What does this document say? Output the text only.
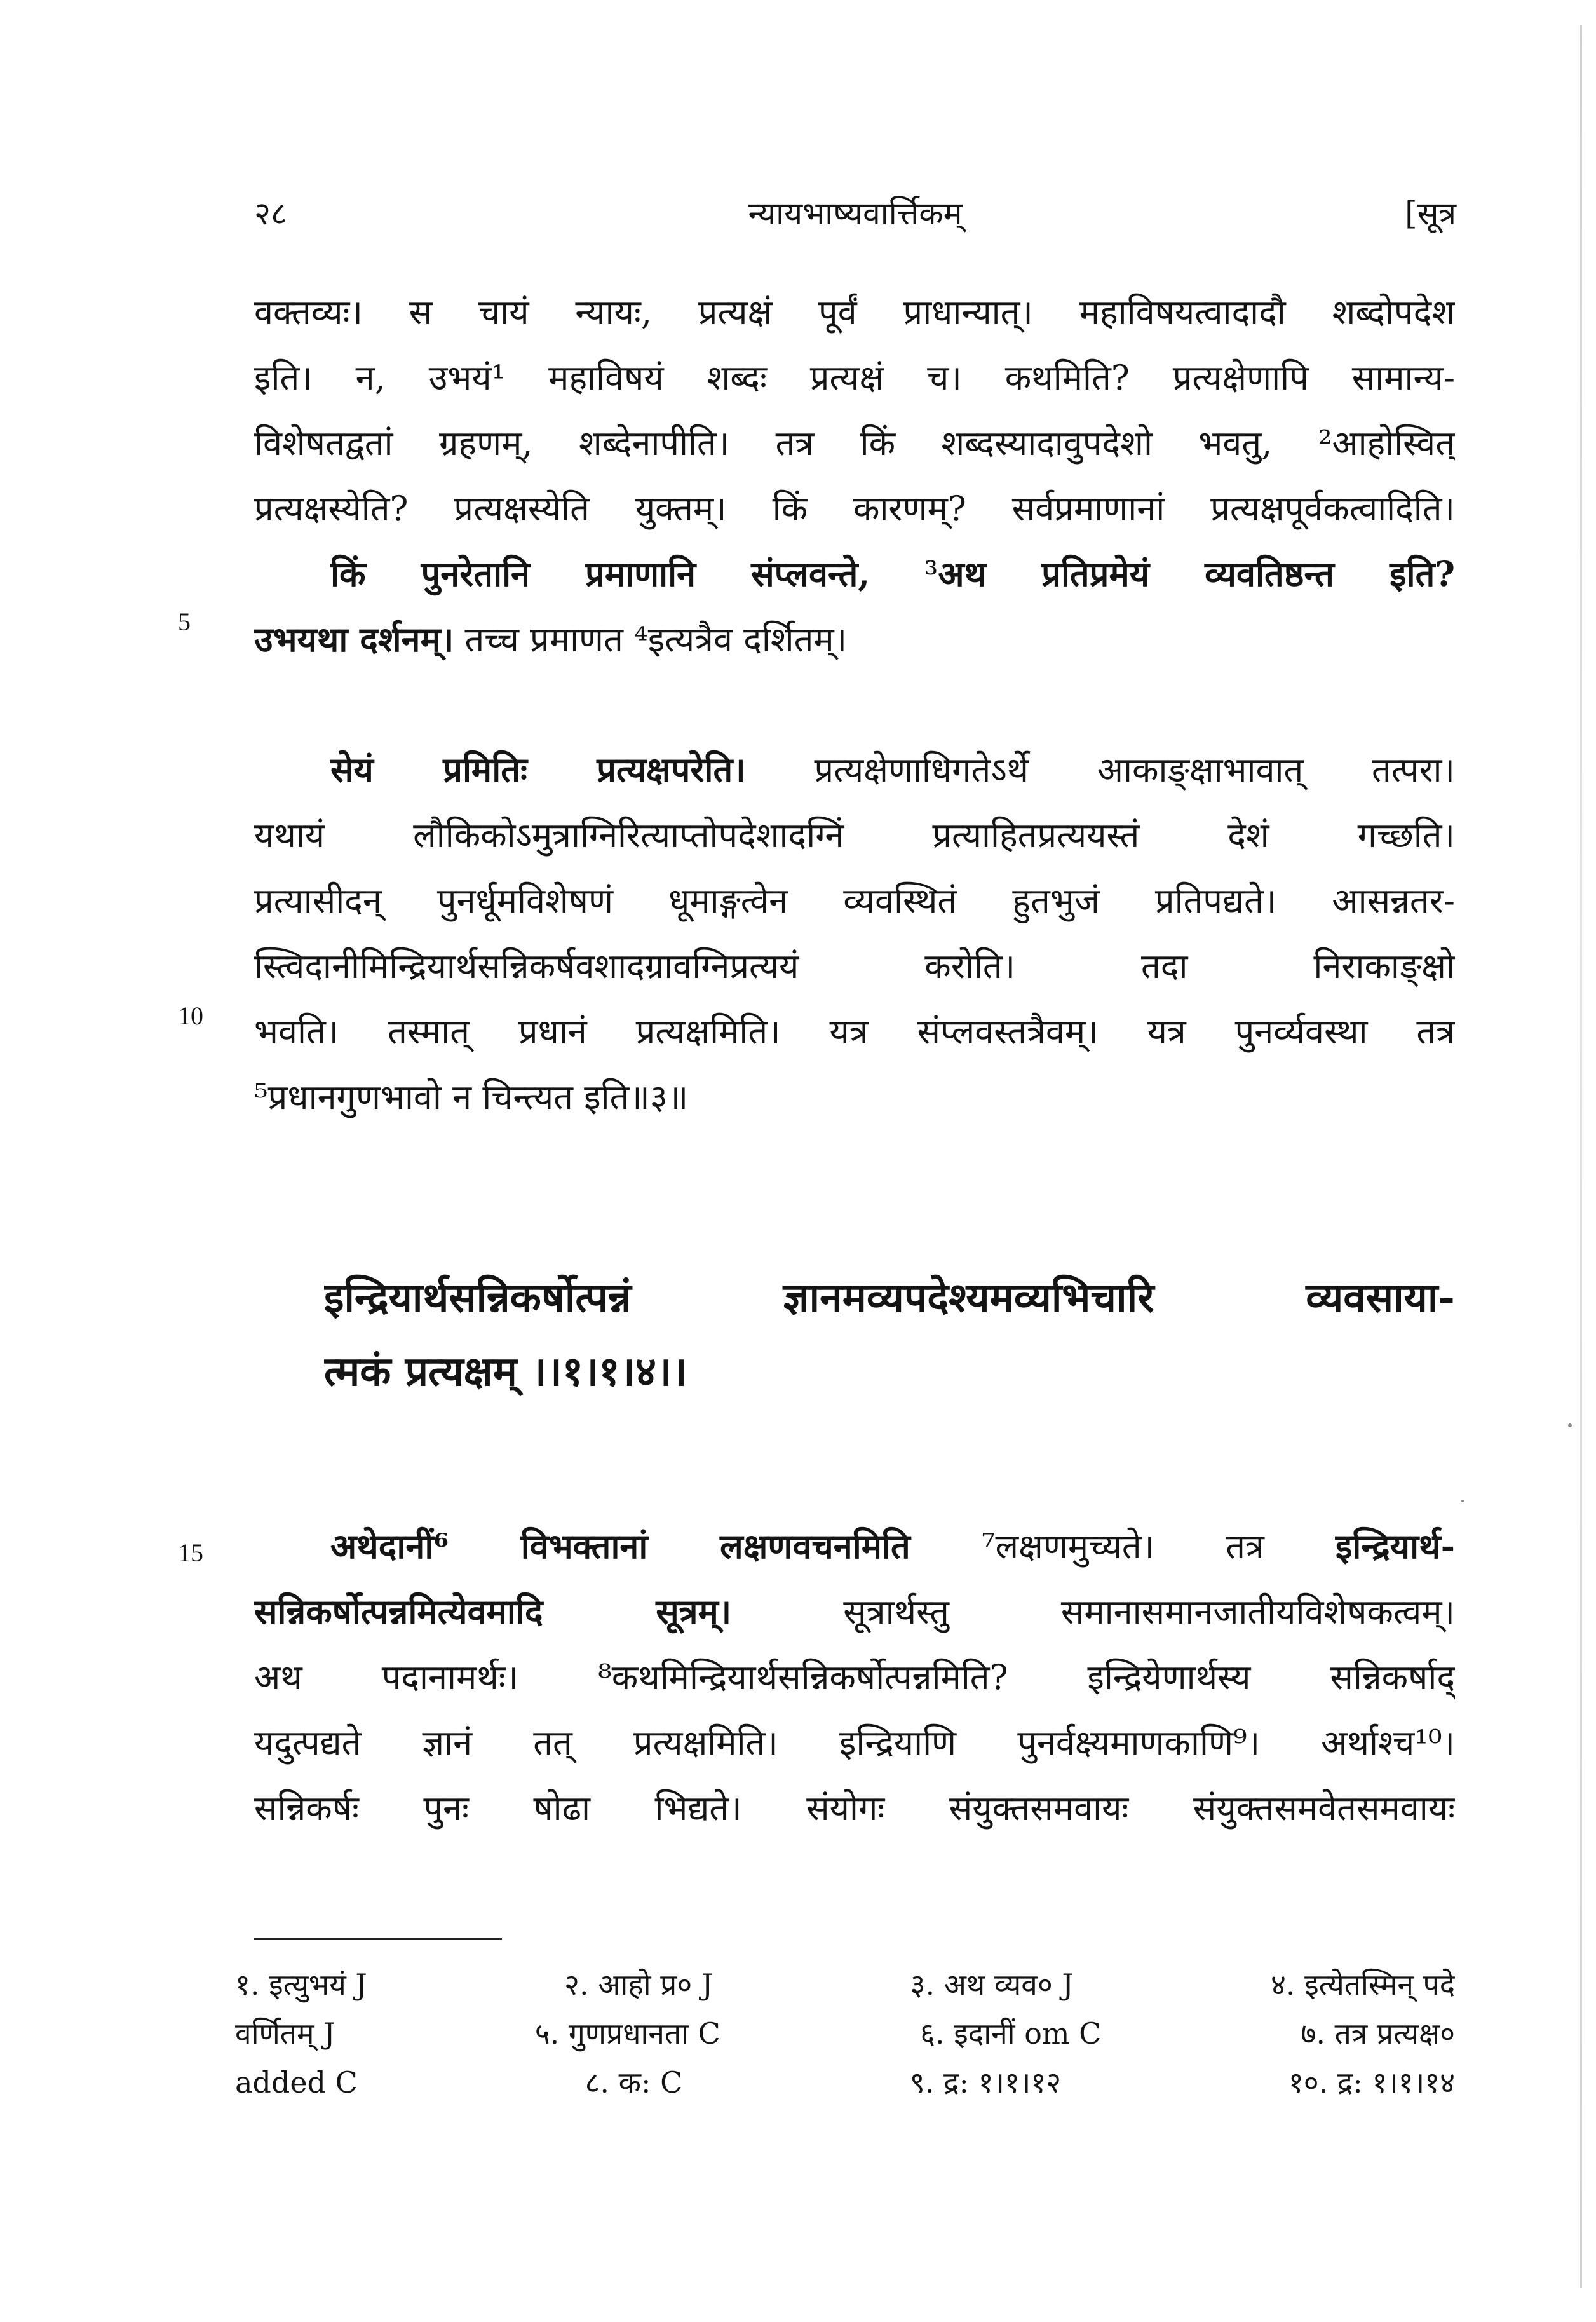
२८	न्यायभाष्यवार्त्तिकम्	[सूत्र
5
10
15
वक्तव्यः। स चायं न्यायः, प्रत्यक्षं पूर्वं प्राधान्यात्। महाविषयत्वादादौ शब्दोपदेश
इति। न, उभयं¹ महाविषयं शब्दः प्रत्यक्षं च। कथमिति? प्रत्यक्षेणापि सामान्य-
विशेषतद्वतां ग्रहणम्, शब्देनापीति। तत्र किं शब्दस्यादावुपदेशो भवतु, ²आहोस्वित्
प्रत्यक्षस्येति? प्रत्यक्षस्येति युक्तम्। किं कारणम्? सर्वप्रमाणानां प्रत्यक्षपूर्वकत्वादिति।
किं पुनरेतानि प्रमाणानि संप्लवन्ते, ³अथ प्रतिप्रमेयं व्यवतिष्ठन्त इति?
उभयथा दर्शनम्। तच्च प्रमाणत ⁴इत्यत्रैव दर्शितम्।
सेयं प्रमितिः प्रत्यक्षपरेति। प्रत्यक्षेणाधिगतेऽर्थे आकाङ्क्षाभावात् तत्परा।
यथायं लौकिकोऽमुत्राग्निरित्याप्तोपदेशादग्निं प्रत्याहितप्रत्ययस्तं देशं गच्छति।
प्रत्यासीदन् पुनर्धूमविशेषणं धूमाङ्गत्वेन व्यवस्थितं हुतभुजं प्रतिपद्यते। आसन्नतर-
स्त्विदानीमिन्द्रियार्थसन्निकर्षवशादग्रावग्निप्रत्ययं करोति। तदा निराकाङ्क्षो
भवति। तस्मात् प्रधानं प्रत्यक्षमिति। यत्र संप्लवस्तत्रैवम्। यत्र पुनर्व्यवस्था तत्र
⁵प्रधानगुणभावो न चिन्त्यत इति॥३॥
इन्द्रियार्थसन्निकर्षोत्पन्नं ज्ञानमव्यपदेश्यमव्यभिचारि व्यवसाया-
त्मकं प्रत्यक्षम् ।।१।१।४।।
अथेदानीं⁶ विभक्तानां लक्षणवचनमिति ⁷लक्षणमुच्यते। तत्र इन्द्रियार्थ-
सन्निकर्षोत्पन्नमित्येवमादि सूत्रम्। सूत्रार्थस्तु समानासमानजातीयविशेषकत्वम्।
अथ पदानामर्थः। ⁸कथमिन्द्रियार्थसन्निकर्षोत्पन्नमिति? इन्द्रियेणार्थस्य सन्निकर्षाद्
यदुत्पद्यते ज्ञानं तत् प्रत्यक्षमिति। इन्द्रियाणि पुनर्वक्ष्यमाणकाणि⁹। अर्थाश्च¹⁰।
सन्निकर्षः पुनः षोढा भिद्यते। संयोगः संयुक्तसमवायः संयुक्तसमवेतसमवायः
१. इत्युभयं J	२. आहो प्र० J	३. अथ व्यव० J	४. इत्येतस्मिन् पदे
वर्णितम् J	५. गुणप्रधानता C	६. इदानीं om C	७. तत्र प्रत्यक्ष०
added C	८. क: C	९. द्र: १।१।१२	१०. द्र: १।१।१४
